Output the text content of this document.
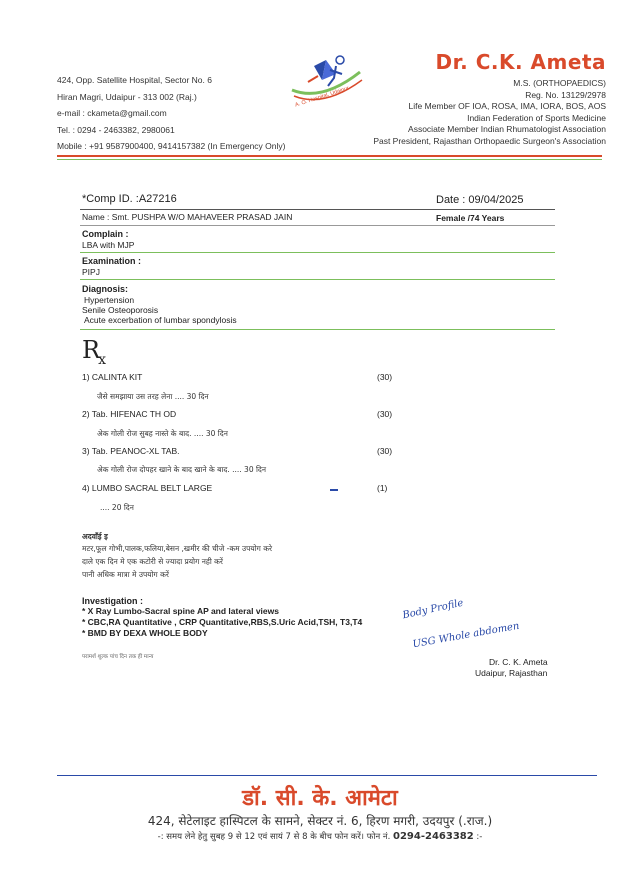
424, Opp. Satellite Hospital, Sector No. 6
Hiran Magri, Udaipur - 313 002 (Raj.)
e-mail : ckameta@gmail.com
Tel. : 0294 - 2463382, 2980061
Mobile : +91 9587900400, 9414157382 (In Emergency Only)
A. O. Hospital, Udaipur
Dr. C.K. Ameta
M.S. (ORTHOPAEDICS)
Reg. No. 13129/2978
Life Member OF IOA, ROSA, IMA, IORA, BOS, AOS
Indian Federation of Sports Medicine
Associate Member Indian Rhumatologist Association
Past President, Rajasthan Orthopaedic Surgeon's Association
*Comp ID. :A27216	Date : 09/04/2025
Name : Smt. PUSHPA W/O MAHAVEER PRASAD JAIN	Female /74 Years
Complain :
LBA with MJP
Examination :
PIPJ
Diagnosis:
Hypertension
Senile Osteoporosis
Acute excerbation of lumbar spondylosis
$R_x$
1) CALINTA KIT	(30)
जैसे समझाया उस तरह लेना .... 30 दिन
2) Tab. HIFENAC TH OD	(30)
अेक गोली रोज सुबह नास्ते के बाद. .... 30 दिन
3) Tab. PEANOC-XL TAB.	(30)
अेक गोली रोज दोपहर खाने के बाद खाने के बाद. .... 30 दिन
4) LUMBO SACRAL BELT LARGE	(1)
.... 20 दिन
अदवाँई इ
मटर,फूल गोभी,पालक,फलिया,बेसन ,खमीर की चीजे -कम उपयोग करे
दाले एक दिन मे एक कटोरी से ज्यादा प्रयोग नही करें
पानी अधिक मात्रा मे उपयोग करें
Investigation :
* X Ray Lumbo-Sacral spine AP and lateral views
* CBC,RA Quantitative , CRP Quantitative,RBS,S.Uric Acid,TSH, T3,T4
* BMD BY DEXA WHOLE BODY
Body Profile
USG Whole abdomen
परामर्श शुल्क पांच दिन तक ही मान्य	Dr. C. K. Ameta
Udaipur, Rajasthan
डॉ. सी. के. आमेटा
424, सेटेलाइट हास्पिटल के सामने, सेक्टर नं. 6, हिरण मगरी, उदयपुर (.राज.)
-: समय लेने हेतु सुबह 9 से 12 एवं सायं 7 से 8 के बीच फोन करें। फोन नं. 0294-2463382 :-
